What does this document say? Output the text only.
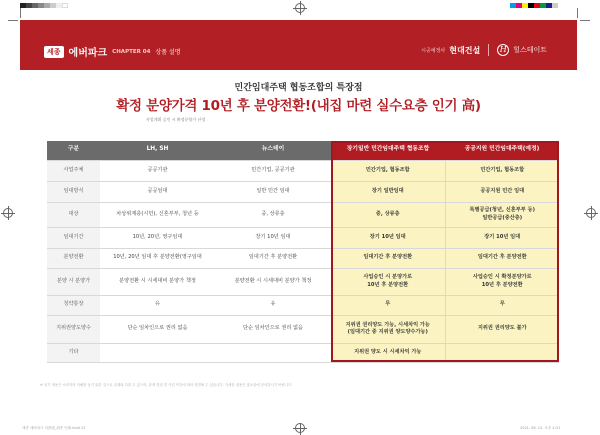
세종 에버파크 CHAPTER 04 상품 설명	시공예정사 현대건설	H 힐스테이트
민간임대주택 협동조합의 특장점
확정 분양가격 10년 후 분양전환!(내집 마련 실수요층 인기 高)
사업계획 승인 시 확정분양가 산정
구분	LH, SH	뉴스테이	장기일반 민간임대주택 협동조합	공공지원 민간임대주택(예정)
사업주체	공공기관	민간기업, 공공기관	민간기업, 협동조합	민간기업, 협동조합
임대방식	공공임대	일반 민간 임대	장기 일반임대	공공지원 민간 임대
대상	차상위계층(시민), 신혼부부, 청년 등	중, 상류층	중, 상류층	특별공급(청년, 신혼부부 등)
일반공급(중산층)
임대기간	10년, 20년, 영구임대	장기 10년 임대	장기 10년 임대	장기 10년 임대
분양전환	10년, 20년 임대 후 분양전환(영구임대	임대기간 후 분양전환	임대기간 후 분양전환	임대기간 후 분양전환
분양 시 분양가	분양전환 시 시세대비 분양가 책정	분양전환 시 시세대비 분양가 책정	사업승인 시 분양가로
10년 후 분양전환	사업승인 시 확정분양가로
10년 후 분양전환
청약통장	유	유	무	무
지위권양도양수	단순 임차인으로 권리 없음	단순 임차인으로 권리 없음	지위권 권리양도 가능, 시세차익 가능
(임대기간 중 지위권 양도양수가능)	지위권 권리양도 불가
기타			지위권 양도 시 시세차익 가능	
※ 상기 내용은 소비자의 이해를 돕기 위한 것으로 실제와 다를 수 있으며, 관계 법령 및 사업 여건에 따라 변경될 수 있습니다. 자세한 내용은 홍보관에 문의하시기 바랍니다.
세종 에버파크 리플렛_최종 인쇄.indd 13	2021. 06. 15. 오후 4:31
